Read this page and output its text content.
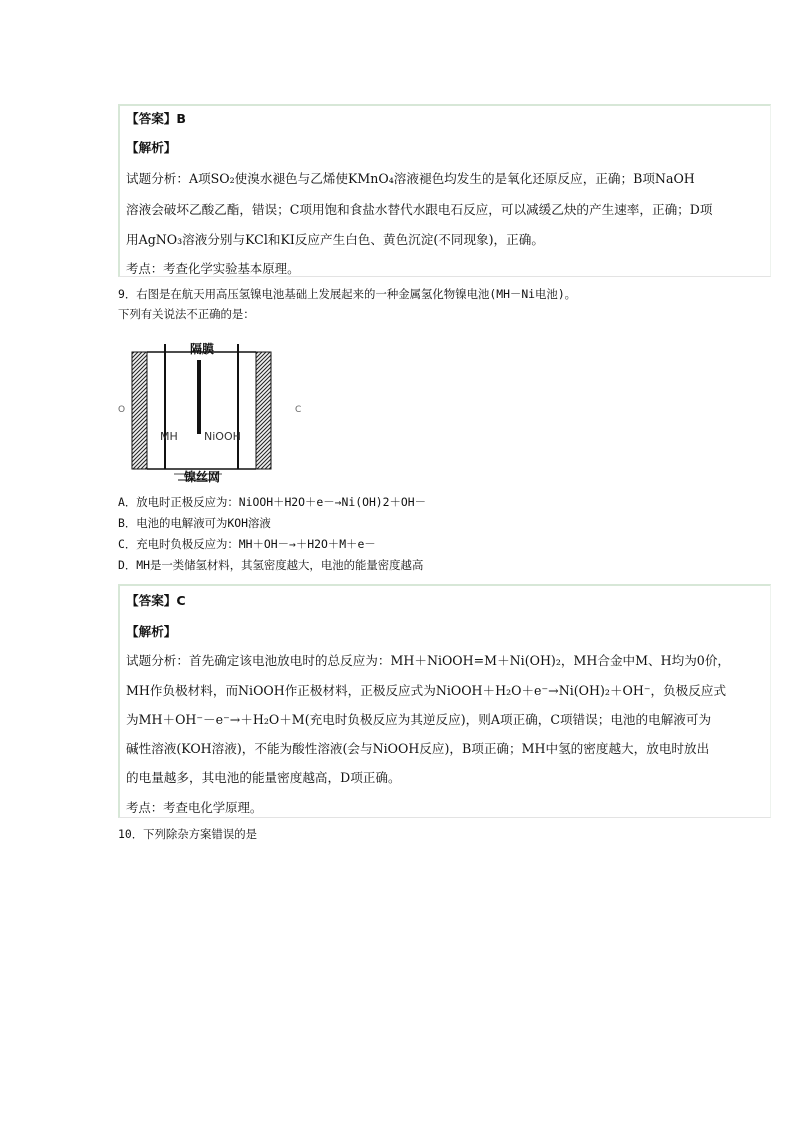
【答案】B
【解析】
试题分析：A项SO₂使溴水褪色与乙烯使KMnO₄溶液褪色均发生的是氧化还原反应，正确；B项NaOH
溶液会破坏乙酸乙酯，错误；C项用饱和食盐水替代水跟电石反应，可以减缓乙炔的产生速率，正确；D项
用AgNO₃溶液分别与KCl和KI反应产生白色、黄色沉淀(不同现象)，正确。
考点：考查化学实验基本原理。
9．右图是在航天用高压氢镍电池基础上发展起来的一种金属氢化物镍电池(MH－Ni电池)。
下列有关说法不正确的是：
隔膜
MH NiOOH
镍丝网
O	C
A．放电时正极反应为：NiOOH＋H2O＋e－→Ni(OH)2＋OH－
B．电池的电解液可为KOH溶液
C．充电时负极反应为：MH＋OH－→＋H2O＋M＋e－
D．MH是一类储氢材料，其氢密度越大，电池的能量密度越高
【答案】C
【解析】
试题分析：首先确定该电池放电时的总反应为：MH＋NiOOH=M＋Ni(OH)₂，MH合金中M、H均为0价，
MH作负极材料，而NiOOH作正极材料，正极反应式为NiOOH＋H₂O＋e⁻→Ni(OH)₂＋OH⁻，负极反应式
为MH＋OH⁻－e⁻→＋H₂O＋M(充电时负极反应为其逆反应)，则A项正确，C项错误；电池的电解液可为
碱性溶液(KOH溶液)，不能为酸性溶液(会与NiOOH反应)，B项正确；MH中氢的密度越大，放电时放出
的电量越多，其电池的能量密度越高，D项正确。
考点：考查电化学原理。
10．下列除杂方案错误的是
